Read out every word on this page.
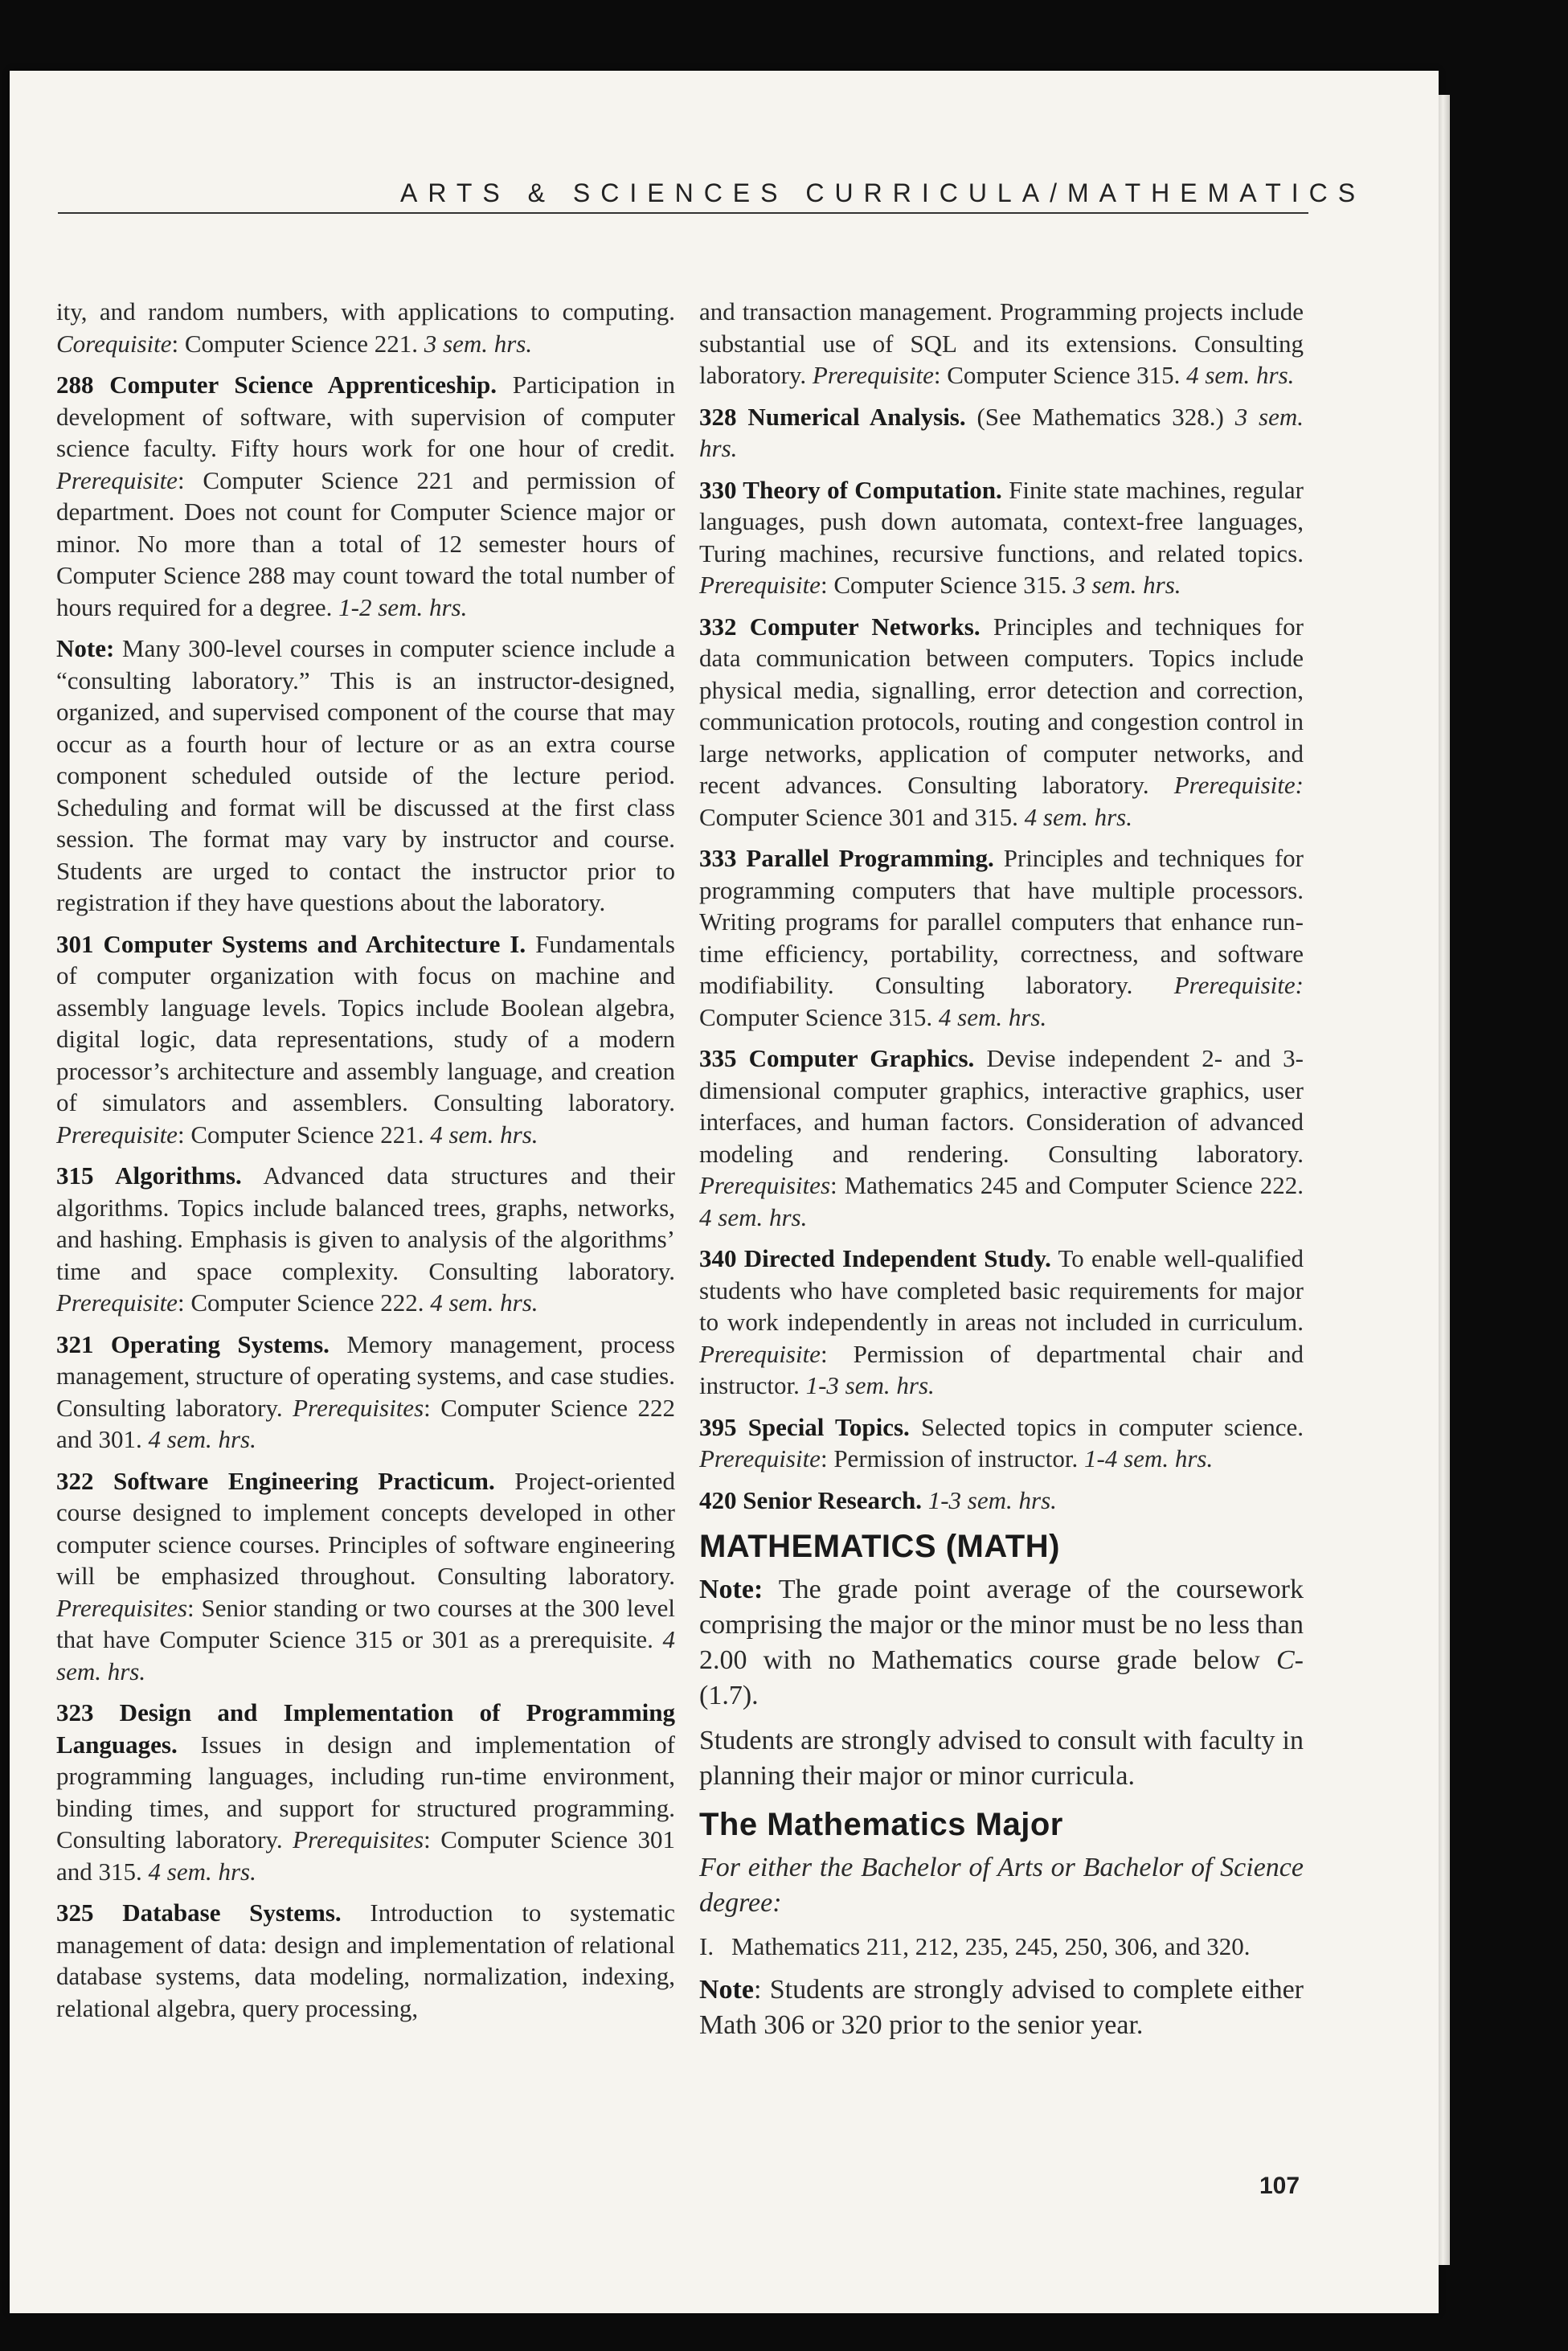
ARTS & SCIENCES CURRICULA/MATHEMATICS

ity, and random numbers, with applications to computing. Corequisite: Computer Science 221. 3 sem. hrs.

288 Computer Science Apprenticeship. Participation in development of software, with supervision of computer science faculty. Fifty hours work for one hour of credit. Prerequisite: Computer Science 221 and permission of department. Does not count for Computer Science major or minor. No more than a total of 12 semester hours of Computer Science 288 may count toward the total number of hours required for a degree. 1-2 sem. hrs.

Note: Many 300-level courses in computer science include a “consulting laboratory.” This is an instructor-designed, organized, and supervised component of the course that may occur as a fourth hour of lecture or as an extra course component scheduled outside of the lecture period. Scheduling and format will be discussed at the first class session. The format may vary by instructor and course. Students are urged to contact the instructor prior to registration if they have questions about the laboratory.

301 Computer Systems and Architecture I. Fundamentals of computer organization with focus on machine and assembly language levels. Topics include Boolean algebra, digital logic, data representations, study of a modern processor’s architecture and assembly language, and creation of simulators and assemblers. Consulting laboratory. Prerequisite: Computer Science 221. 4 sem. hrs.

315 Algorithms. Advanced data structures and their algorithms. Topics include balanced trees, graphs, networks, and hashing. Emphasis is given to analysis of the algorithms’ time and space complexity. Consulting laboratory. Prerequisite: Computer Science 222. 4 sem. hrs.

321 Operating Systems. Memory management, process management, structure of operating systems, and case studies. Consulting laboratory. Prerequisites: Computer Science 222 and 301. 4 sem. hrs.

322 Software Engineering Practicum. Project-oriented course designed to implement concepts developed in other computer science courses. Principles of software engineering will be emphasized throughout. Consulting laboratory. Prerequisites: Senior standing or two courses at the 300 level that have Computer Science 315 or 301 as a prerequisite. 4 sem. hrs.

323 Design and Implementation of Programming Languages. Issues in design and implementation of programming languages, including run-time environment, binding times, and support for structured programming. Consulting laboratory. Prerequisites: Computer Science 301 and 315. 4 sem. hrs.

325 Database Systems. Introduction to systematic management of data: design and implementation of relational database systems, data modeling, normalization, indexing, relational algebra, query processing,

and transaction management. Programming projects include substantial use of SQL and its extensions. Consulting laboratory. Prerequisite: Computer Science 315. 4 sem. hrs.

328 Numerical Analysis. (See Mathematics 328.) 3 sem. hrs.

330 Theory of Computation. Finite state machines, regular languages, push down automata, context-free languages, Turing machines, recursive functions, and related topics. Prerequisite: Computer Science 315. 3 sem. hrs.

332 Computer Networks. Principles and techniques for data communication between computers. Topics include physical media, signalling, error detection and correction, communication protocols, routing and congestion control in large networks, application of computer networks, and recent advances. Consulting laboratory. Prerequisite: Computer Science 301 and 315. 4 sem. hrs.

333 Parallel Programming. Principles and techniques for programming computers that have multiple processors. Writing programs for parallel computers that enhance run-time efficiency, portability, correctness, and software modifiability. Consulting laboratory. Prerequisite: Computer Science 315. 4 sem. hrs.

335 Computer Graphics. Devise independent 2- and 3-dimensional computer graphics, interactive graphics, user interfaces, and human factors. Consideration of advanced modeling and rendering. Consulting laboratory. Prerequisites: Mathematics 245 and Computer Science 222. 4 sem. hrs.

340 Directed Independent Study. To enable well-qualified students who have completed basic requirements for major to work independently in areas not included in curriculum. Prerequisite: Permission of departmental chair and instructor. 1-3 sem. hrs.

395 Special Topics. Selected topics in computer science. Prerequisite: Permission of instructor. 1-4 sem. hrs.

420 Senior Research. 1-3 sem. hrs.

MATHEMATICS (MATH)

Note: The grade point average of the coursework comprising the major or the minor must be no less than 2.00 with no Mathematics course grade below C- (1.7).

Students are strongly advised to consult with faculty in planning their major or minor curricula.

The Mathematics Major

For either the Bachelor of Arts or Bachelor of Science degree:

I. Mathematics 211, 212, 235, 245, 250, 306, and 320.

Note: Students are strongly advised to complete either Math 306 or 320 prior to the senior year.

107
